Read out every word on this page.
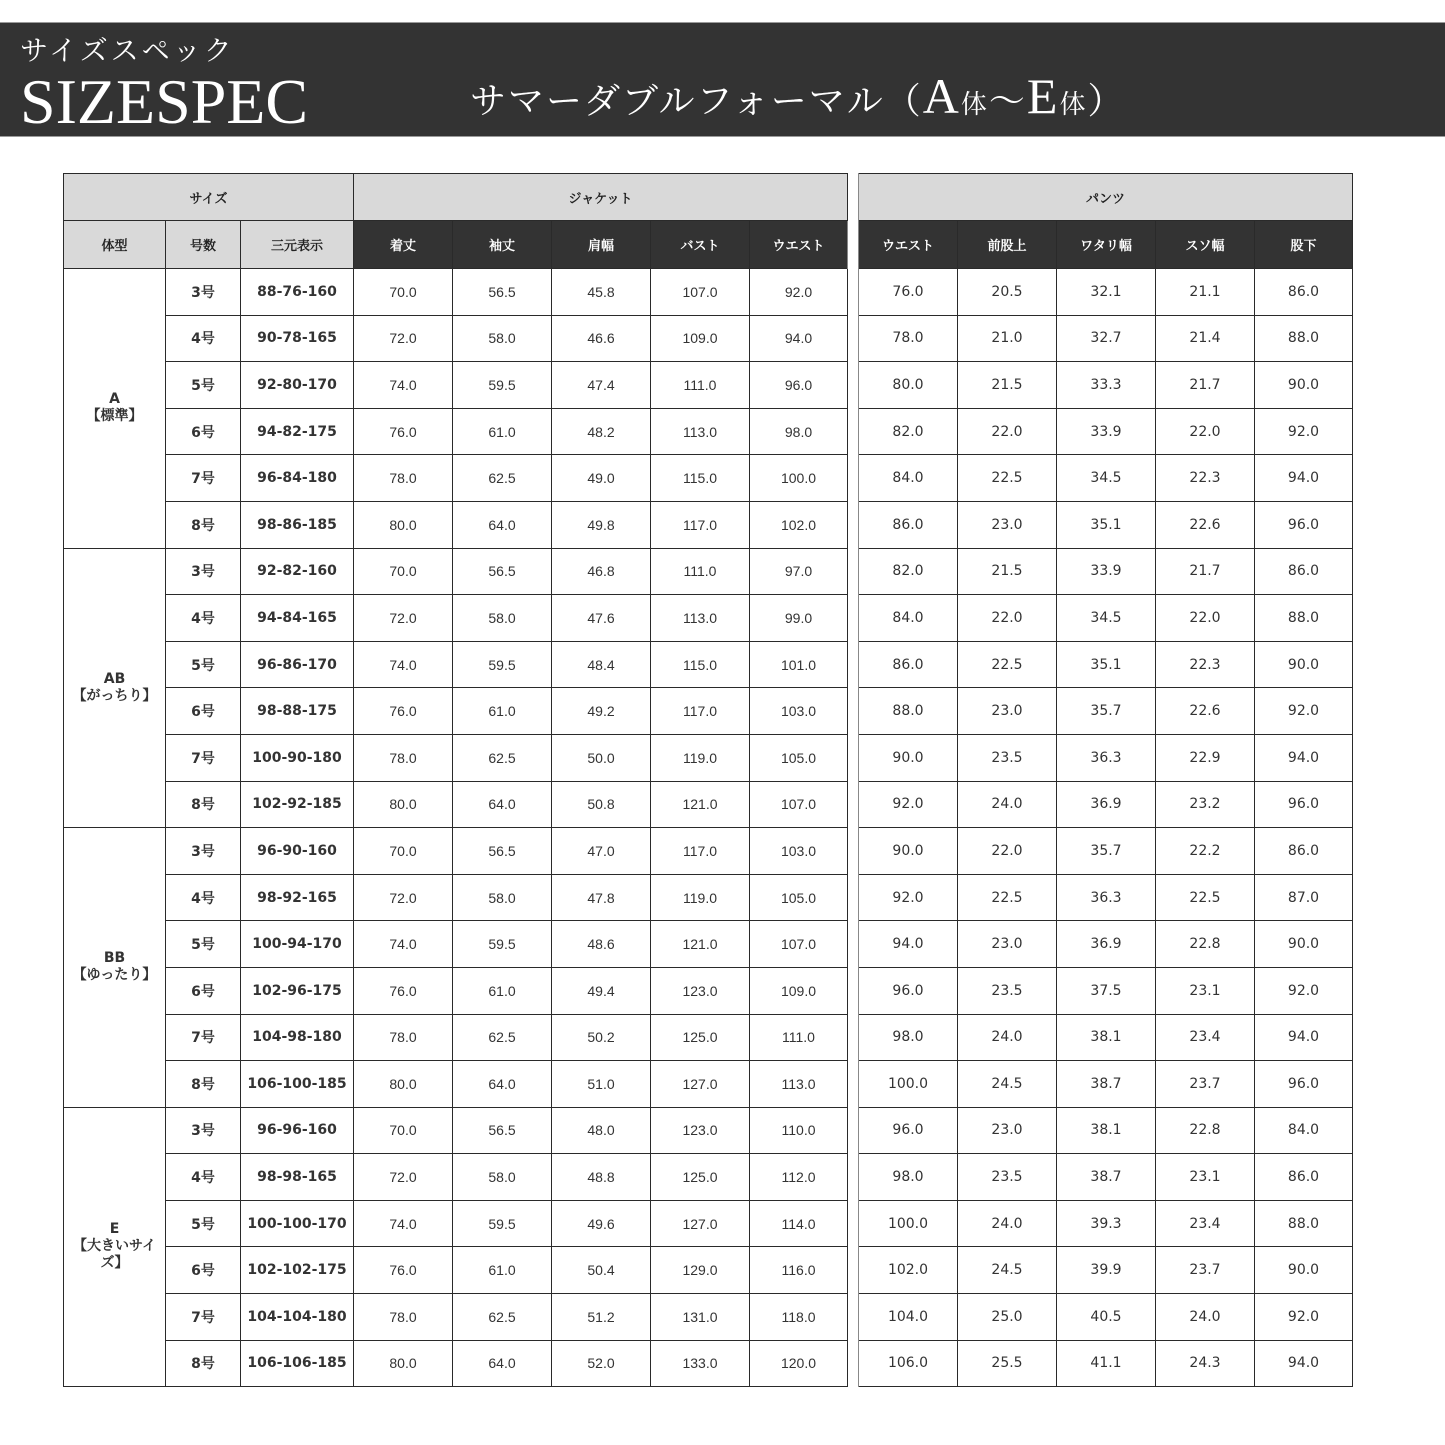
サイズスペック
SIZESPEC	サマーダブルフォーマル（A体〜E体）
サイズ			ジャケット						パンツ				
体型	号数	三元表示	着丈	袖丈	肩幅	バスト	ウエスト		ウエスト	前股上	ワタリ幅	スソ幅	股下

A
【標準】	3号	88-76-160	70.0	56.5	45.8	107.0	92.0		76.0	20.5	32.1	21.1	86.0
	4号	90-78-165	72.0	58.0	46.6	109.0	94.0		78.0	21.0	32.7	21.4	88.0
	5号	92-80-170	74.0	59.5	47.4	111.0	96.0		80.0	21.5	33.3	21.7	90.0
	6号	94-82-175	76.0	61.0	48.2	113.0	98.0		82.0	22.0	33.9	22.0	92.0
	7号	96-84-180	78.0	62.5	49.0	115.0	100.0		84.0	22.5	34.5	22.3	94.0
	8号	98-86-185	80.0	64.0	49.8	117.0	102.0		86.0	23.0	35.1	22.6	96.0

AB
【がっちり】	3号	92-82-160	70.0	56.5	46.8	111.0	97.0		82.0	21.5	33.9	21.7	86.0
	4号	94-84-165	72.0	58.0	47.6	113.0	99.0		84.0	22.0	34.5	22.0	88.0
	5号	96-86-170	74.0	59.5	48.4	115.0	101.0		86.0	22.5	35.1	22.3	90.0
	6号	98-88-175	76.0	61.0	49.2	117.0	103.0		88.0	23.0	35.7	22.6	92.0
	7号	100-90-180	78.0	62.5	50.0	119.0	105.0		90.0	23.5	36.3	22.9	94.0
	8号	102-92-185	80.0	64.0	50.8	121.0	107.0		92.0	24.0	36.9	23.2	96.0

BB
【ゆったり】	3号	96-90-160	70.0	56.5	47.0	117.0	103.0		90.0	22.0	35.7	22.2	86.0
	4号	98-92-165	72.0	58.0	47.8	119.0	105.0		92.0	22.5	36.3	22.5	87.0
	5号	100-94-170	74.0	59.5	48.6	121.0	107.0		94.0	23.0	36.9	22.8	90.0
	6号	102-96-175	76.0	61.0	49.4	123.0	109.0		96.0	23.5	37.5	23.1	92.0
	7号	104-98-180	78.0	62.5	50.2	125.0	111.0		98.0	24.0	38.1	23.4	94.0
	8号	106-100-185	80.0	64.0	51.0	127.0	113.0		100.0	24.5	38.7	23.7	96.0

E
【大きいサイズ】	3号	96-96-160	70.0	56.5	48.0	123.0	110.0		96.0	23.0	38.1	22.8	84.0
	4号	98-98-165	72.0	58.0	48.8	125.0	112.0		98.0	23.5	38.7	23.1	86.0
	5号	100-100-170	74.0	59.5	49.6	127.0	114.0		100.0	24.0	39.3	23.4	88.0
	6号	102-102-175	76.0	61.0	50.4	129.0	116.0		102.0	24.5	39.9	23.7	90.0
	7号	104-104-180	78.0	62.5	51.2	131.0	118.0		104.0	25.0	40.5	24.0	92.0
	8号	106-106-185	80.0	64.0	52.0	133.0	120.0		106.0	25.5	41.1	24.3	94.0
